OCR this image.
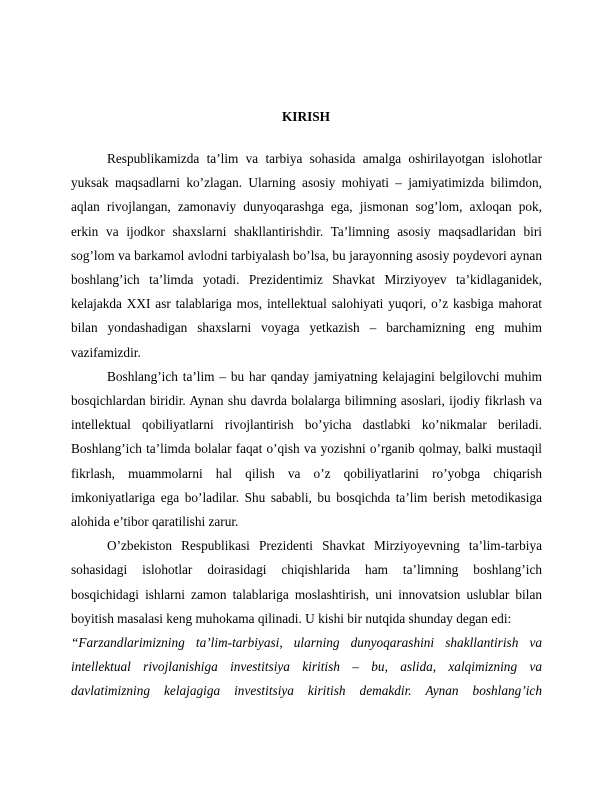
KIRISH

Respublikamizda ta’lim va tarbiya sohasida amalga oshirilayotgan islohotlar yuksak maqsadlarni ko’zlagan. Ularning asosiy mohiyati – jamiyatimizda bilimdon, aqlan rivojlangan, zamonaviy dunyoqarashga ega, jismonan sog’lom, axloqan pok, erkin va ijodkor shaxslarni shakllantirishdir. Ta’limning asosiy maqsadlaridan biri sog’lom va barkamol avlodni tarbiyalash bo’lsa, bu jarayonning asosiy poydevori aynan boshlang’ich ta’limda yotadi. Prezidentimiz Shavkat Mirziyoyev ta’kidlaganidek, kelajakda XXI asr talablariga mos, intellektual salohiyati yuqori, o’z kasbiga mahorat bilan yondashadigan shaxslarni voyaga yetkazish – barchamizning eng muhim vazifamizdir.

Boshlang’ich ta’lim – bu har qanday jamiyatning kelajagini belgilovchi muhim bosqichlardan biridir. Aynan shu davrda bolalarga bilimning asoslari, ijodiy fikrlash va intellektual qobiliyatlarni rivojlantirish bo’yicha dastlabki ko’nikmalar beriladi. Boshlang’ich ta’limda bolalar faqat o’qish va yozishni o’rganib qolmay, balki mustaqil fikrlash, muammolarni hal qilish va o’z qobiliyatlarini ro’yobga chiqarish imkoniyatlariga ega bo’ladilar. Shu sababli, bu bosqichda ta’lim berish metodikasiga alohida e’tibor qaratilishi zarur.

O’zbekiston Respublikasi Prezidenti Shavkat Mirziyoyevning ta’lim-tarbiya sohasidagi islohotlar doirasidagi chiqishlarida ham ta’limning boshlang’ich bosqichidagi ishlarni zamon talablariga moslashtirish, uni innovatsion uslublar bilan boyitish masalasi keng muhokama qilinadi. U kishi bir nutqida shunday degan edi:

“Farzandlarimizning ta’lim-tarbiyasi, ularning dunyoqarashini shakllantirish va intellektual rivojlanishiga investitsiya kiritish – bu, aslida, xalqimizning va davlatimizning kelajagiga investitsiya kiritish demakdir. Aynan boshlang’ich
